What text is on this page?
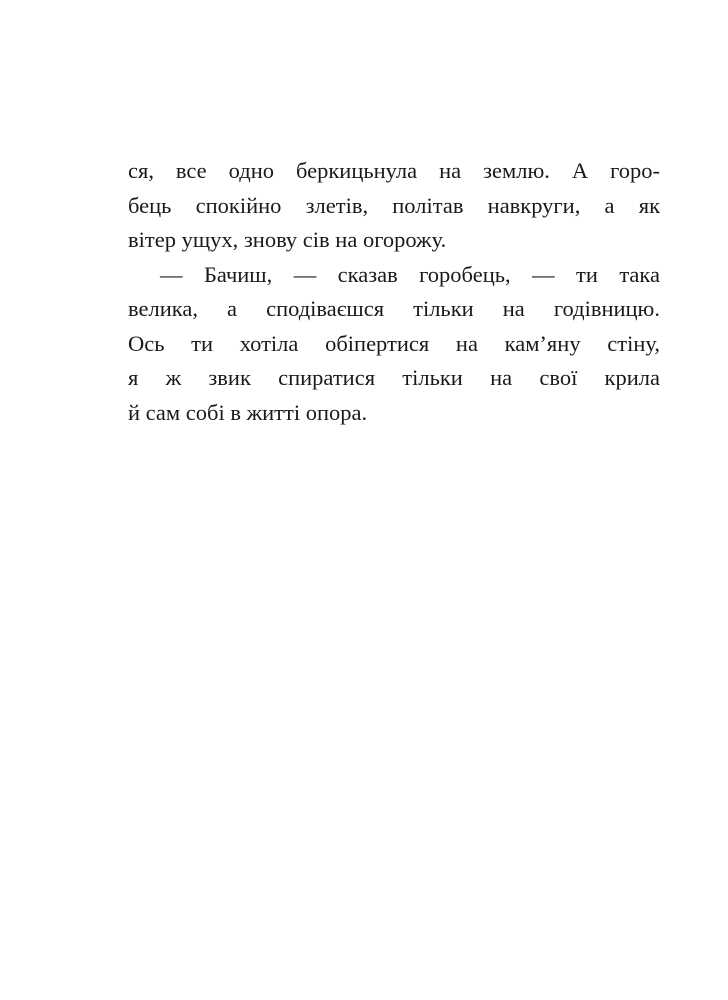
ся, все одно беркицьнула на землю. А горо-
бець спокійно злетів, політав навкруги, а як
вітер ущух, знову сів на огорожу.
— Бачиш, — сказав горобець, — ти така
велика, а сподіваєшся тільки на годівницю.
Ось ти хотіла обіпертися на кам’яну стіну,
я ж звик спиратися тільки на свої крила
й сам собі в житті опора.
